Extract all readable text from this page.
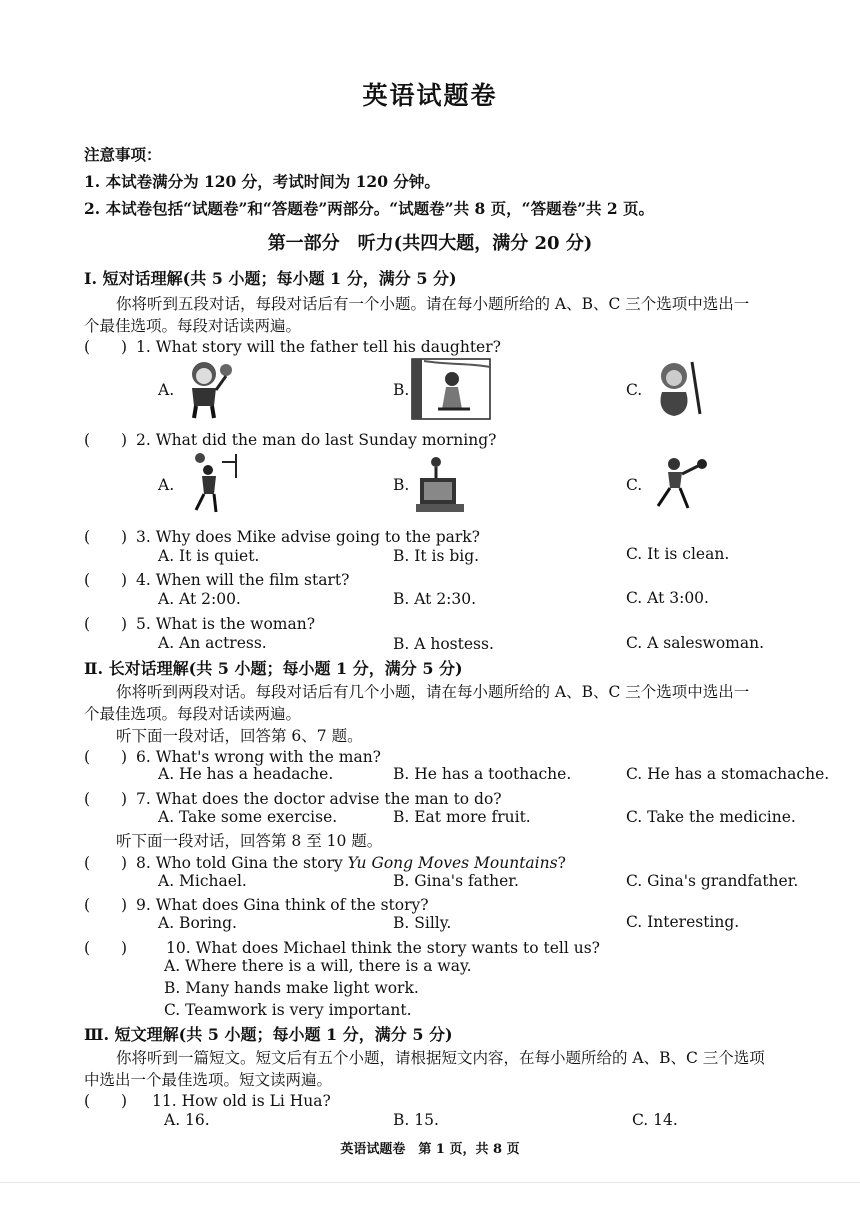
英语试题卷
注意事项：
1. 本试卷满分为 120 分，考试时间为 120 分钟。
2. 本试卷包括“试题卷”和“答题卷”两部分。“试题卷”共 8 页，“答题卷”共 2 页。
第一部分　听力(共四大题，满分 20 分)
Ⅰ. 短对话理解(共 5 小题；每小题 1 分，满分 5 分)
你将听到五段对话，每段对话后有一个小题。请在每小题所给的 A、B、C 三个选项中选出一
个最佳选项。每段对话读两遍。
(　　) 1. What story will the father tell his daughter?
A.	B.	C.
(　　) 2. What did the man do last Sunday morning?
A.	B.	C.
(　　) 3. Why does Mike advise going to the park?
A. It is quiet.	B. It is big.	C. It is clean.
(　　) 4. When will the film start?
A. At 2:00.	B. At 2:30.	C. At 3:00.
(　　) 5. What is the woman?
A. An actress.	B. A hostess.	C. A saleswoman.
Ⅱ. 长对话理解(共 5 小题；每小题 1 分，满分 5 分)
你将听到两段对话。每段对话后有几个小题，请在每小题所给的 A、B、C 三个选项中选出一
个最佳选项。每段对话读两遍。
听下面一段对话，回答第 6、7 题。
(　　) 6. What's wrong with the man?
A. He has a headache.	B. He has a toothache.	C. He has a stomachache.
(　　) 7. What does the doctor advise the man to do?
A. Take some exercise.	B. Eat more fruit.	C. Take the medicine.
听下面一段对话，回答第 8 至 10 题。
(　　) 8. Who told Gina the story Yu Gong Moves Mountains?
A. Michael.	B. Gina's father.	C. Gina's grandfather.
(　　) 9. What does Gina think of the story?
A. Boring.	B. Silly.	C. Interesting.
(　　)	10. What does Michael think the story wants to tell us?
A. Where there is a will, there is a way.
B. Many hands make light work.
C. Teamwork is very important.
Ⅲ. 短文理解(共 5 小题；每小题 1 分，满分 5 分)
你将听到一篇短文。短文后有五个小题，请根据短文内容，在每小题所给的 A、B、C 三个选项
中选出一个最佳选项。短文读两遍。
(　　) 11. How old is Li Hua?
A. 16.	B. 15.	C. 14.
英语试题卷　第 1 页，共 8 页
